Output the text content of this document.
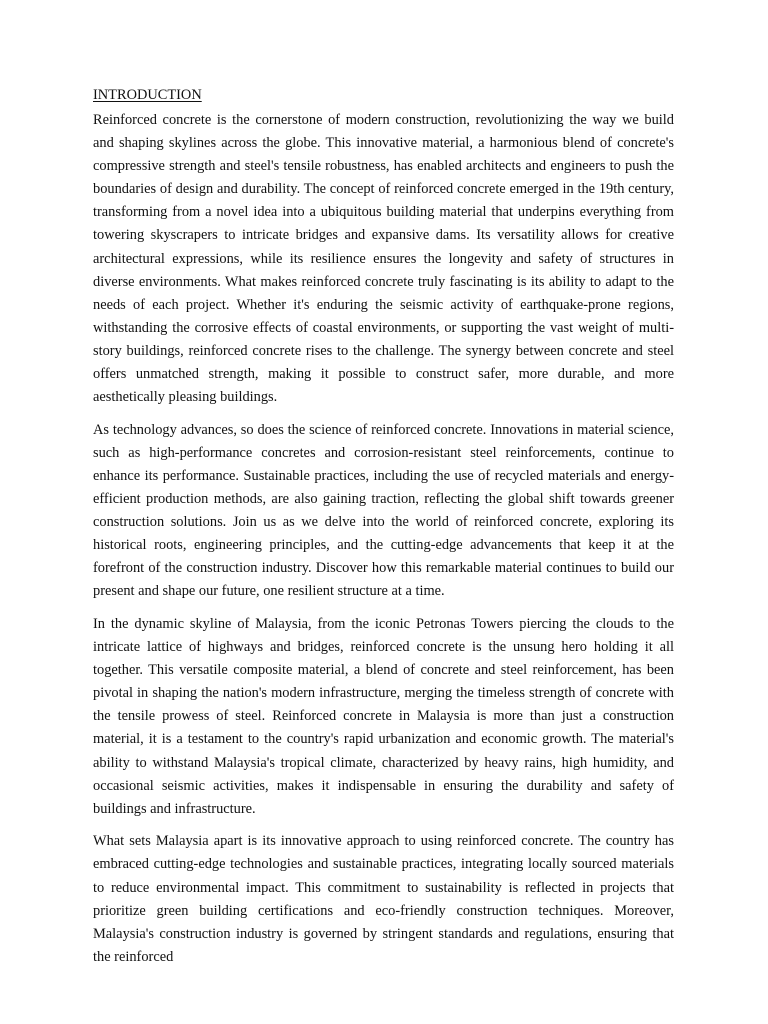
INTRODUCTION

Reinforced concrete is the cornerstone of modern construction, revolutionizing the way we build and shaping skylines across the globe. This innovative material, a harmonious blend of concrete's compressive strength and steel's tensile robustness, has enabled architects and engineers to push the boundaries of design and durability. The concept of reinforced concrete emerged in the 19th century, transforming from a novel idea into a ubiquitous building material that underpins everything from towering skyscrapers to intricate bridges and expansive dams. Its versatility allows for creative architectural expressions, while its resilience ensures the longevity and safety of structures in diverse environments. What makes reinforced concrete truly fascinating is its ability to adapt to the needs of each project. Whether it's enduring the seismic activity of earthquake-prone regions, withstanding the corrosive effects of coastal environments, or supporting the vast weight of multi-story buildings, reinforced concrete rises to the challenge. The synergy between concrete and steel offers unmatched strength, making it possible to construct safer, more durable, and more aesthetically pleasing buildings.

As technology advances, so does the science of reinforced concrete. Innovations in material science, such as high-performance concretes and corrosion-resistant steel reinforcements, continue to enhance its performance. Sustainable practices, including the use of recycled materials and energy-efficient production methods, are also gaining traction, reflecting the global shift towards greener construction solutions. Join us as we delve into the world of reinforced concrete, exploring its historical roots, engineering principles, and the cutting-edge advancements that keep it at the forefront of the construction industry. Discover how this remarkable material continues to build our present and shape our future, one resilient structure at a time.

In the dynamic skyline of Malaysia, from the iconic Petronas Towers piercing the clouds to the intricate lattice of highways and bridges, reinforced concrete is the unsung hero holding it all together. This versatile composite material, a blend of concrete and steel reinforcement, has been pivotal in shaping the nation's modern infrastructure, merging the timeless strength of concrete with the tensile prowess of steel. Reinforced concrete in Malaysia is more than just a construction material, it is a testament to the country's rapid urbanization and economic growth. The material's ability to withstand Malaysia's tropical climate, characterized by heavy rains, high humidity, and occasional seismic activities, makes it indispensable in ensuring the durability and safety of buildings and infrastructure.

What sets Malaysia apart is its innovative approach to using reinforced concrete. The country has embraced cutting-edge technologies and sustainable practices, integrating locally sourced materials to reduce environmental impact. This commitment to sustainability is reflected in projects that prioritize green building certifications and eco-friendly construction techniques. Moreover, Malaysia's construction industry is governed by stringent standards and regulations, ensuring that the reinforced
